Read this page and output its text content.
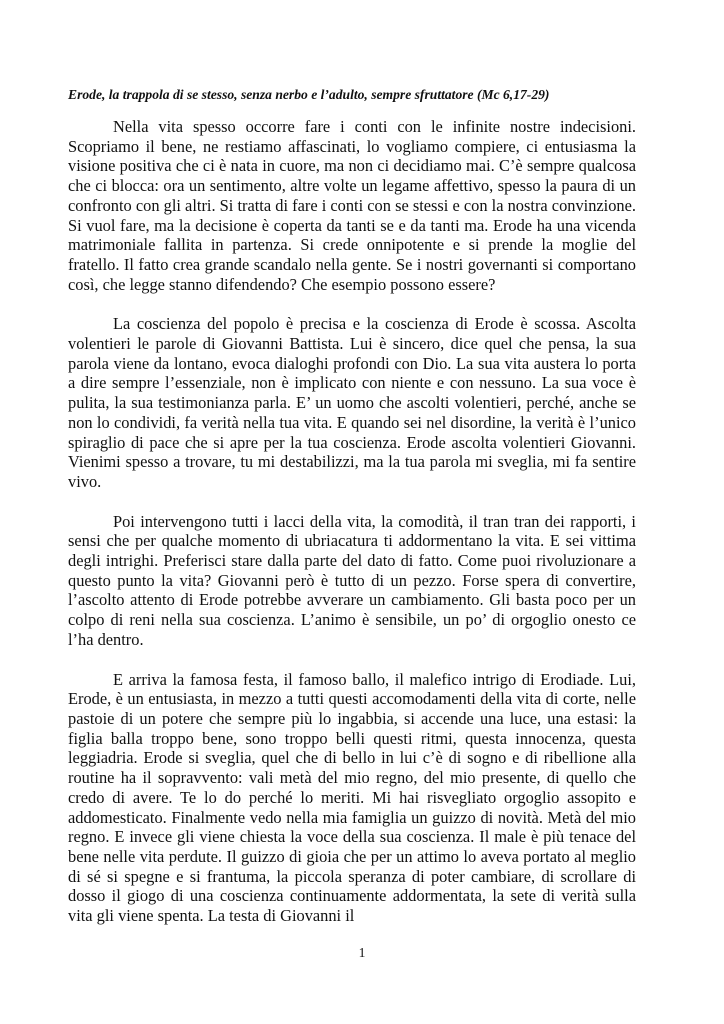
Erode, la trappola di se stesso, senza nerbo e l’adulto, sempre sfruttatore (Mc 6,17-29)

Nella vita spesso occorre fare i conti con le infinite nostre indecisioni. Scopriamo il bene, ne restiamo affascinati, lo vogliamo compiere, ci entusiasma la visione positiva che ci è nata in cuore, ma non ci decidiamo mai. C’è sempre qualcosa che ci blocca: ora un sentimento, altre volte un legame affettivo, spesso la paura di un confronto con gli altri. Si tratta di fare i conti con se stessi e con la nostra convinzione. Si vuol fare, ma la decisione è coperta da tanti se e da tanti ma. Erode ha una vicenda matrimoniale fallita in partenza. Si crede onnipotente e si prende la moglie del fratello. Il fatto crea grande scandalo nella gente. Se i nostri governanti si comportano così, che legge stanno difendendo? Che esempio possono essere?

La coscienza del popolo è precisa e la coscienza di Erode è scossa. Ascolta volentieri le parole di Giovanni Battista. Lui è sincero, dice quel che pensa, la sua parola viene da lontano, evoca dialoghi profondi con Dio. La sua vita austera lo porta a dire sempre l’essenziale, non è implicato con niente e con nessuno. La sua voce è pulita, la sua testimonianza parla. E’ un uomo che ascolti volentieri, perché, anche se non lo condividi, fa verità nella tua vita. E quando sei nel disordine, la verità è l’unico spiraglio di pace che si apre per la tua coscienza. Erode ascolta volentieri Giovanni. Vienimi spesso a trovare, tu mi destabilizzi, ma la tua parola mi sveglia, mi fa sentire vivo.

Poi intervengono tutti i lacci della vita, la comodità, il tran tran dei rapporti, i sensi che per qualche momento di ubriacatura ti addormentano la vita. E sei vittima degli intrighi. Preferisci stare dalla parte del dato di fatto. Come puoi rivoluzionare a questo punto la vita? Giovanni però è tutto di un pezzo. Forse spera di convertire, l’ascolto attento di Erode potrebbe avverare un cambiamento. Gli basta poco per un colpo di reni nella sua coscienza. L’animo è sensibile, un po’ di orgoglio onesto ce l’ha dentro.

E arriva la famosa festa, il famoso ballo, il malefico intrigo di Erodiade. Lui, Erode, è un entusiasta, in mezzo a tutti questi accomodamenti della vita di corte, nelle pastoie di un potere che sempre più lo ingabbia, si accende una luce, una estasi: la figlia balla troppo bene, sono troppo belli questi ritmi, questa innocenza, questa leggiadria. Erode si sveglia, quel che di bello in lui c’è di sogno e di ribellione alla routine ha il sopravvento: vali metà del mio regno, del mio presente, di quello che credo di avere. Te lo do perché lo meriti. Mi hai risvegliato orgoglio assopito e addomesticato. Finalmente vedo nella mia famiglia un guizzo di novità. Metà del mio regno. E invece gli viene chiesta la voce della sua coscienza. Il male è più tenace del bene nelle vita perdute. Il guizzo di gioia che per un attimo lo aveva portato al meglio di sé si spegne e si frantuma, la piccola speranza di poter cambiare, di scrollare di dosso il giogo di una coscienza continuamente addormentata, la sete di verità sulla vita gli viene spenta. La testa di Giovanni il

1
